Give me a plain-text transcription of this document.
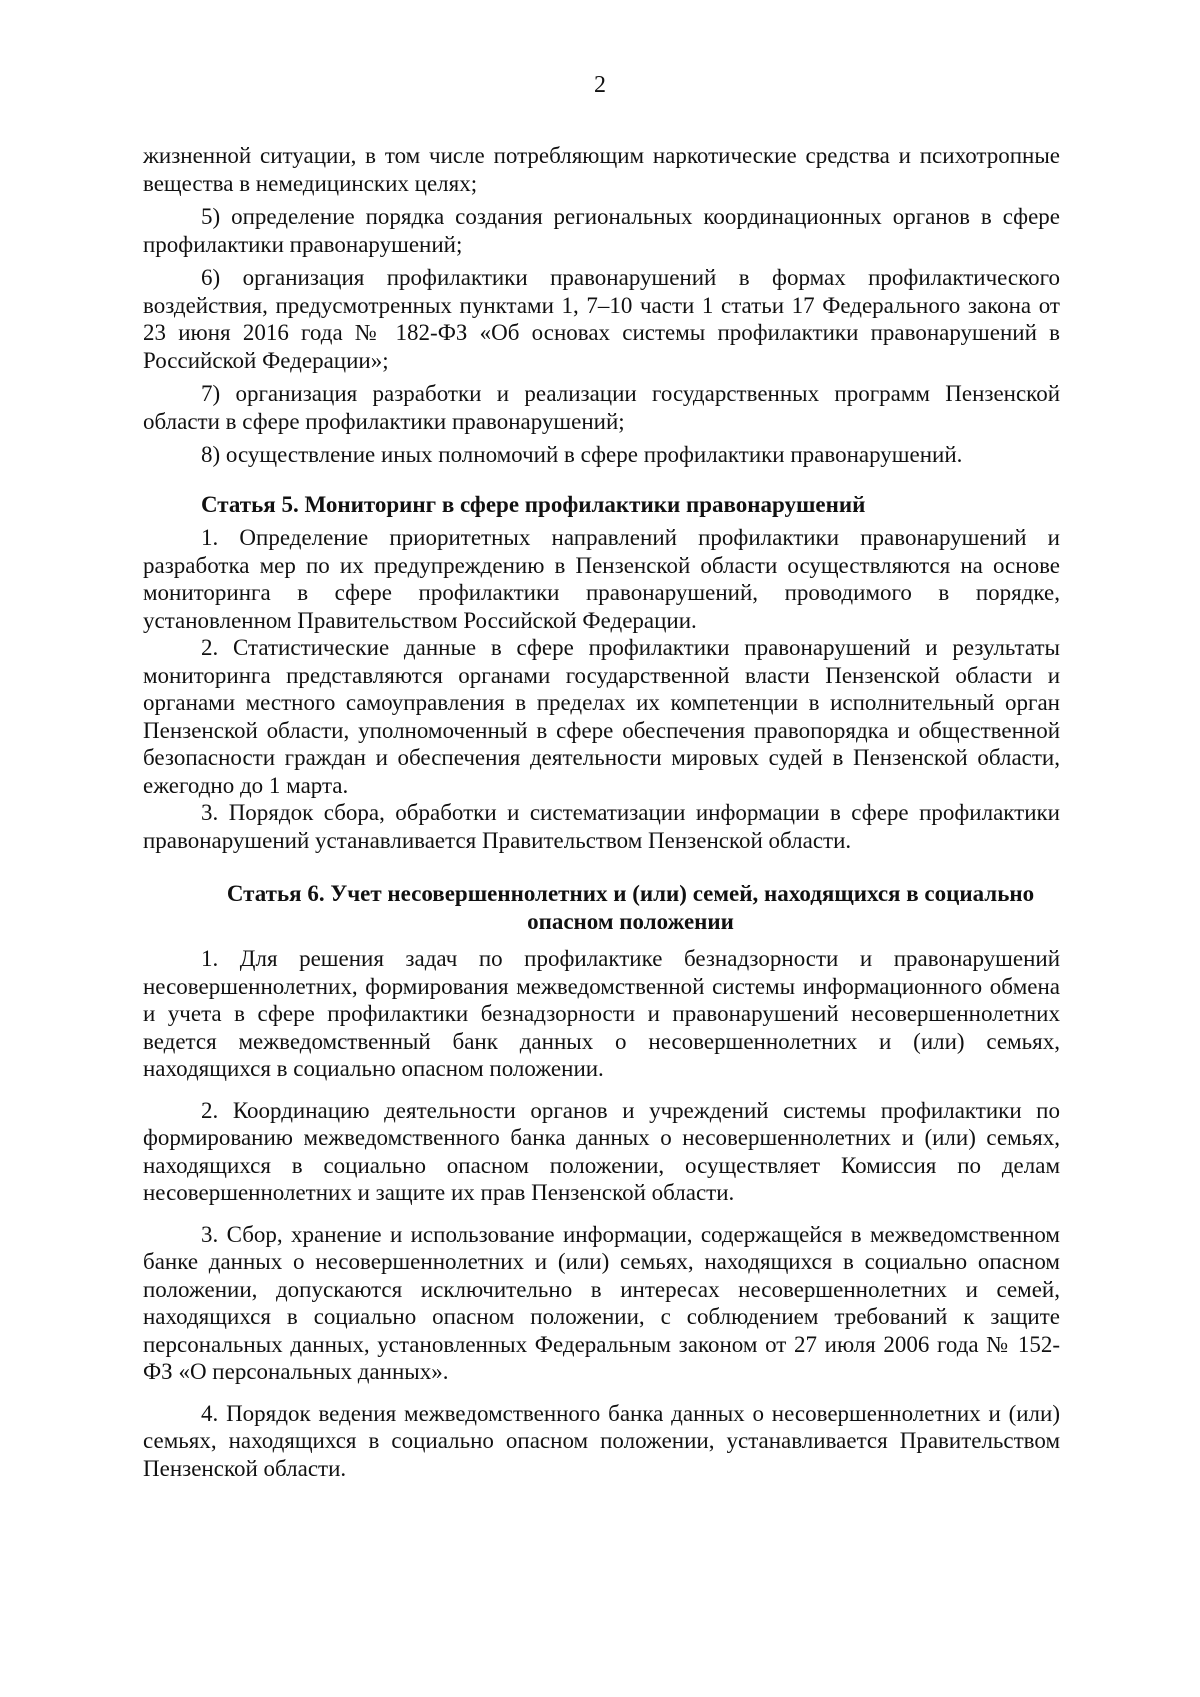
2

жизненной ситуации, в том числе потребляющим наркотические средства и психотропные вещества в немедицинских целях;

5) определение порядка создания региональных координационных органов в сфере профилактики правонарушений;

6) организация профилактики правонарушений в формах профилактического воздействия, предусмотренных пунктами 1, 7–10 части 1 статьи 17 Федерального закона от 23 июня 2016 года № 182-ФЗ «Об основах системы профилактики правонарушений в Российской Федерации»;

7) организация разработки и реализации государственных программ Пензенской области в сфере профилактики правонарушений;

8) осуществление иных полномочий в сфере профилактики правонарушений.

Статья 5. Мониторинг в сфере профилактики правонарушений

1. Определение приоритетных направлений профилактики правонарушений и разработка мер по их предупреждению в Пензенской области осуществляются на основе мониторинга в сфере профилактики правонарушений, проводимого в порядке, установленном Правительством Российской Федерации.

2. Статистические данные в сфере профилактики правонарушений и результаты мониторинга представляются органами государственной власти Пензенской области и органами местного самоуправления в пределах их компетенции в исполнительный орган Пензенской области, уполномоченный в сфере обеспечения правопорядка и общественной безопасности граждан и обеспечения деятельности мировых судей в Пензенской области, ежегодно до 1 марта.

3. Порядок сбора, обработки и систематизации информации в сфере профилактики правонарушений устанавливается Правительством Пензенской области.

Статья 6. Учет несовершеннолетних и (или) семей, находящихся в социально опасном положении

1. Для решения задач по профилактике безнадзорности и правонарушений несовершеннолетних, формирования межведомственной системы информационного обмена и учета в сфере профилактики безнадзорности и правонарушений несовершеннолетних ведется межведомственный банк данных о несовершеннолетних и (или) семьях, находящихся в социально опасном положении.

2. Координацию деятельности органов и учреждений системы профилактики по формированию межведомственного банка данных о несовершеннолетних и (или) семьях, находящихся в социально опасном положении, осуществляет Комиссия по делам несовершеннолетних и защите их прав Пензенской области.

3. Сбор, хранение и использование информации, содержащейся в межведомственном банке данных о несовершеннолетних и (или) семьях, находящихся в социально опасном положении, допускаются исключительно в интересах несовершеннолетних и семей, находящихся в социально опасном положении, с соблюдением требований к защите персональных данных, установленных Федеральным законом от 27 июля 2006 года № 152-ФЗ «О персональных данных».

4. Порядок ведения межведомственного банка данных о несовершеннолетних и (или) семьях, находящихся в социально опасном положении, устанавливается Правительством Пензенской области.
